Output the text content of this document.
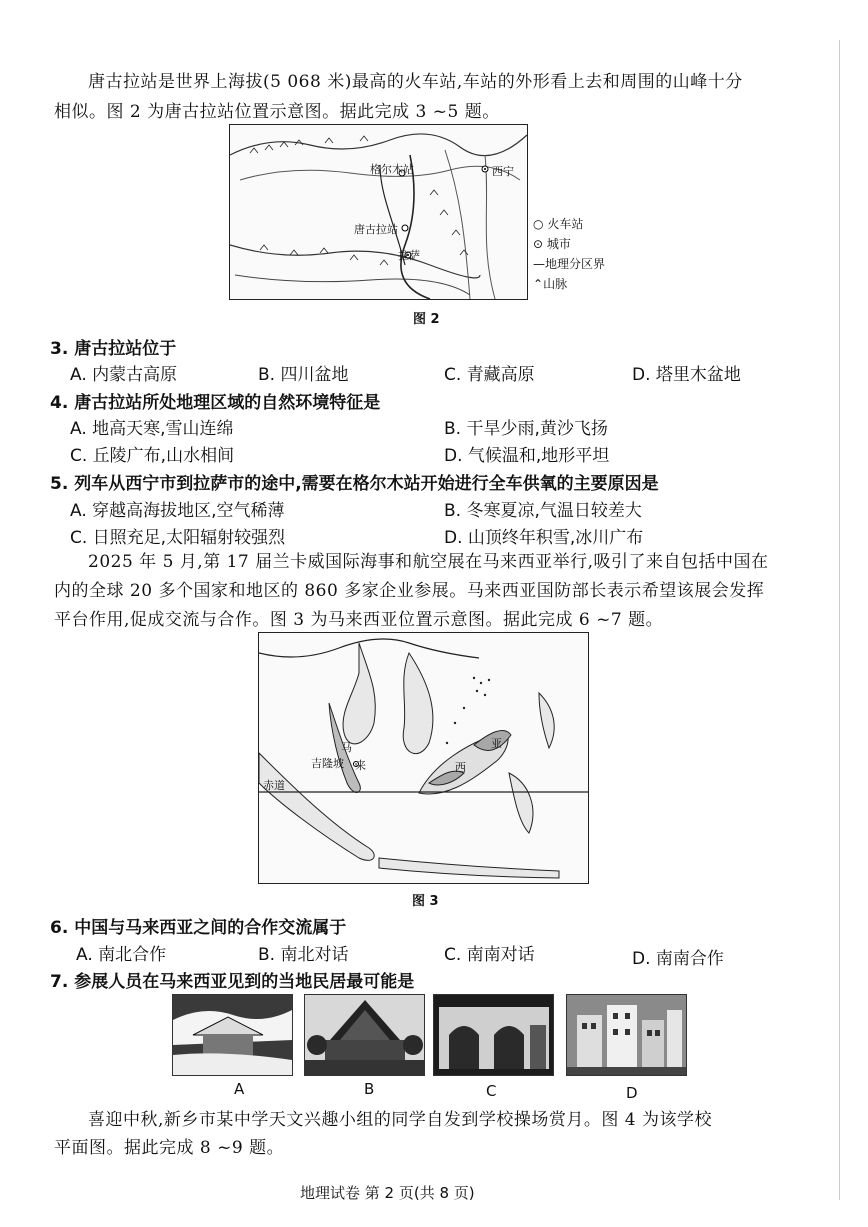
唐古拉站是世界上海拔(5 068 米)最高的火车站,车站的外形看上去和周围的山峰十分
相似。图 2 为唐古拉站位置示意图。据此完成 3 ~5 题。
格尔木站	西宁
唐古拉站
拉萨
○ 火车站
⊙ 城市
—地理分区界
⌃山脉
图 2
3. 唐古拉站位于
A. 内蒙古高原	B. 四川盆地	C. 青藏高原	D. 塔里木盆地
4. 唐古拉站所处地理区域的自然环境特征是
A. 地高天寒,雪山连绵	B. 干旱少雨,黄沙飞扬
C. 丘陵广布,山水相间	D. 气候温和,地形平坦
5. 列车从西宁市到拉萨市的途中,需要在格尔木站开始进行全车供氧的主要原因是
A. 穿越高海拔地区,空气稀薄	B. 冬寒夏凉,气温日较差大
C. 日照充足,太阳辐射较强烈	D. 山顶终年积雪,冰川广布
2025 年 5 月,第 17 届兰卡威国际海事和航空展在马来西亚举行,吸引了来自包括中国在
内的全球 20 多个国家和地区的 860 多家企业参展。马来西亚国防部长表示希望该展会发挥
平台作用,促成交流与合作。图 3 为马来西亚位置示意图。据此完成 6 ~7 题。
马
来	西
亚
吉隆坡
赤道
图 3
6. 中国与马来西亚之间的合作交流属于
A. 南北合作	B. 南北对话	C. 南南对话	D. 南南合作
7. 参展人员在马来西亚见到的当地民居最可能是
A	B	C	D
喜迎中秋,新乡市某中学天文兴趣小组的同学自发到学校操场赏月。图 4 为该学校
平面图。据此完成 8 ~9 题。
地理试卷 第 2 页(共 8 页)
